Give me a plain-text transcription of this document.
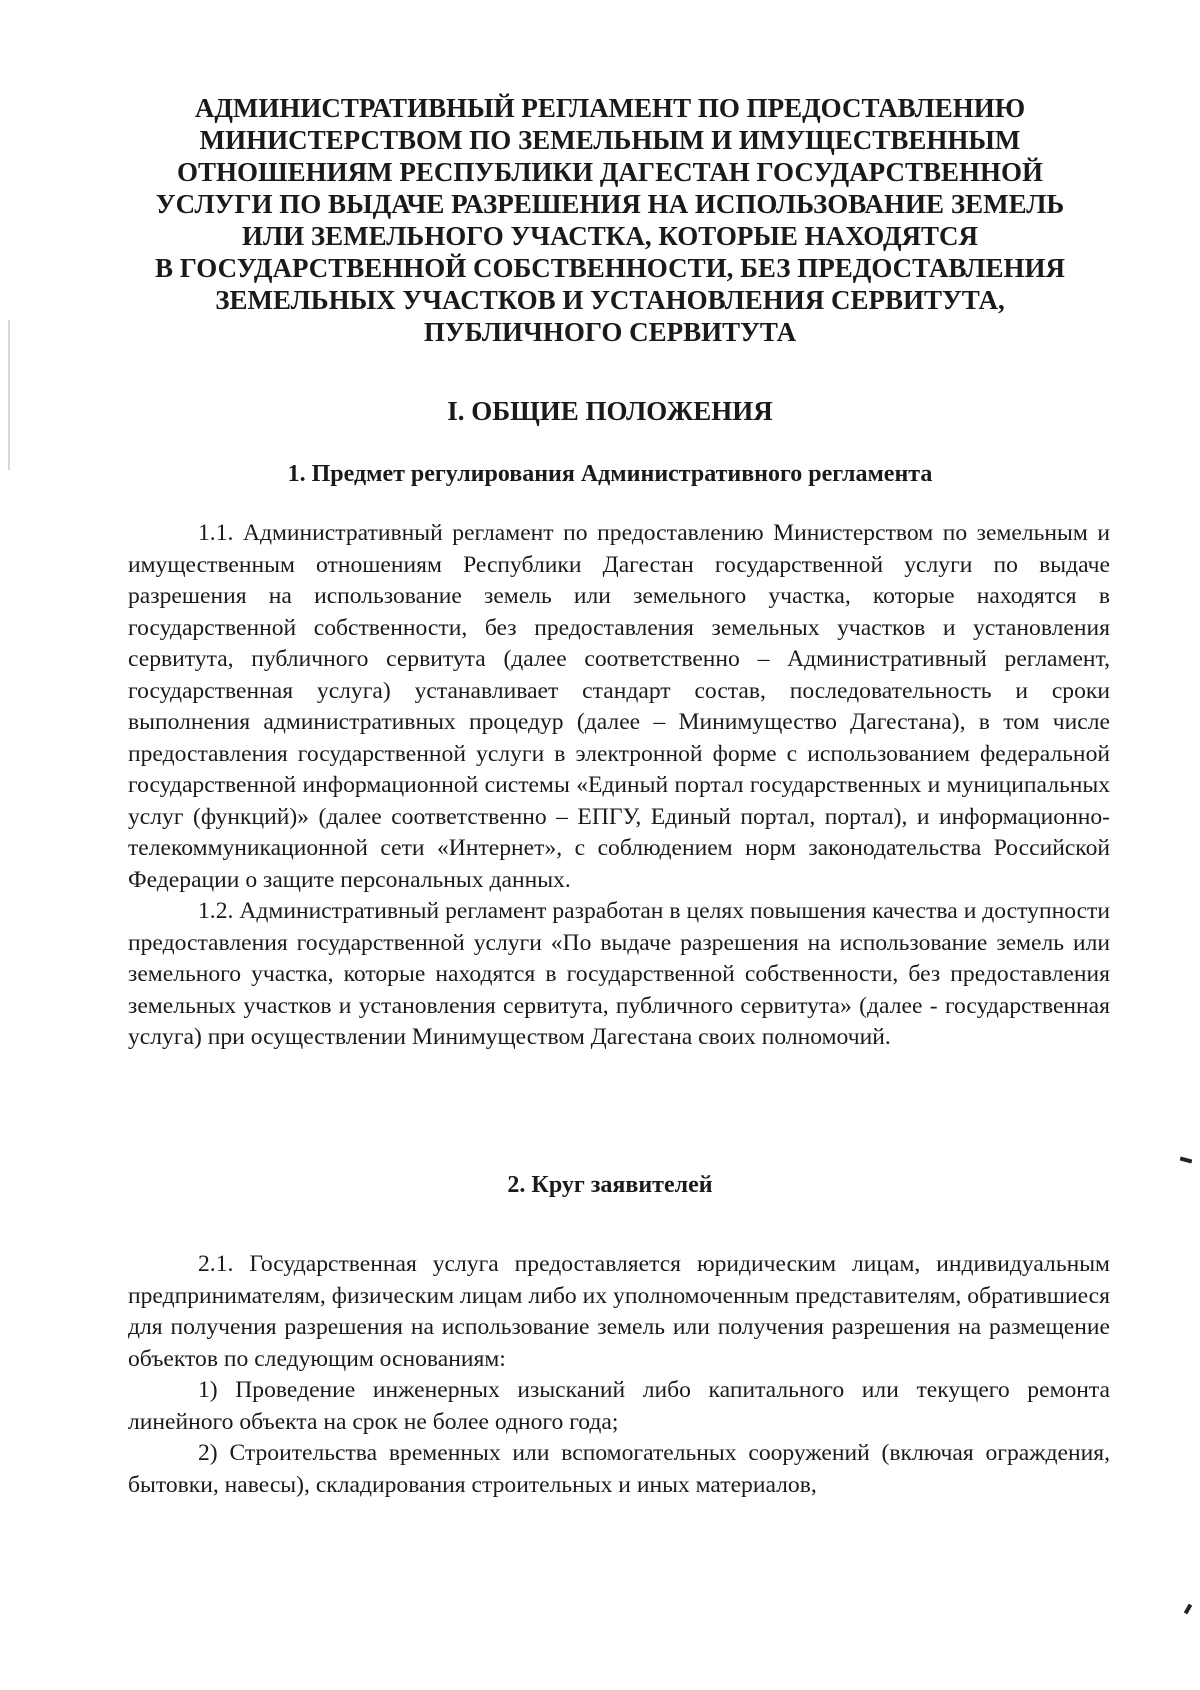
АДМИНИСТРАТИВНЫЙ РЕГЛАМЕНТ ПО ПРЕДОСТАВЛЕНИЮ
МИНИСТЕРСТВОМ ПО ЗЕМЕЛЬНЫМ И ИМУЩЕСТВЕННЫМ
ОТНОШЕНИЯМ РЕСПУБЛИКИ ДАГЕСТАН ГОСУДАРСТВЕННОЙ
УСЛУГИ ПО ВЫДАЧЕ РАЗРЕШЕНИЯ НА ИСПОЛЬЗОВАНИЕ ЗЕМЕЛЬ
ИЛИ ЗЕМЕЛЬНОГО УЧАСТКА, КОТОРЫЕ НАХОДЯТСЯ
В ГОСУДАРСТВЕННОЙ СОБСТВЕННОСТИ, БЕЗ ПРЕДОСТАВЛЕНИЯ
ЗЕМЕЛЬНЫХ УЧАСТКОВ И УСТАНОВЛЕНИЯ СЕРВИТУТА,
ПУБЛИЧНОГО СЕРВИТУТА
I. ОБЩИЕ ПОЛОЖЕНИЯ
1. Предмет регулирования Административного регламента

1.1. Административный регламент по предоставлению Министерством по земельным и имущественным отношениям Республики Дагестан государственной услуги по выдаче разрешения на использование земель или земельного участка, которые находятся в государственной собственности, без предоставления земельных участков и установления сервитута, публичного сервитута (далее соответственно – Административный регламент, государственная услуга) устанавливает стандарт состав, последовательность и сроки выполнения административных процедур (далее – Минимущество Дагестана), в том числе предоставления государственной услуги в электронной форме с использованием федеральной государственной информационной системы «Единый портал государственных и муниципальных услуг (функций)» (далее соответственно – ЕПГУ, Единый портал, портал), и информационно-телекоммуникационной сети «Интернет», с соблюдением норм законодательства Российской Федерации о защите персональных данных.

1.2. Административный регламент разработан в целях повышения качества и доступности предоставления государственной услуги «По выдаче разрешения на использование земель или земельного участка, которые находятся в государственной собственности, без предоставления земельных участков и установления сервитута, публичного сервитута» (далее - государственная услуга) при осуществлении Минимуществом Дагестана своих полномочий.

2. Круг заявителей

2.1. Государственная услуга предоставляется юридическим лицам, индивидуальным предпринимателям, физическим лицам либо их уполномоченным представителям, обратившиеся для получения разрешения на использование земель или получения разрешения на размещение объектов по следующим основаниям:

1) Проведение инженерных изысканий либо капитального или текущего ремонта линейного объекта на срок не более одного года;

2) Строительства временных или вспомогательных сооружений (включая ограждения, бытовки, навесы), складирования строительных и иных материалов,
